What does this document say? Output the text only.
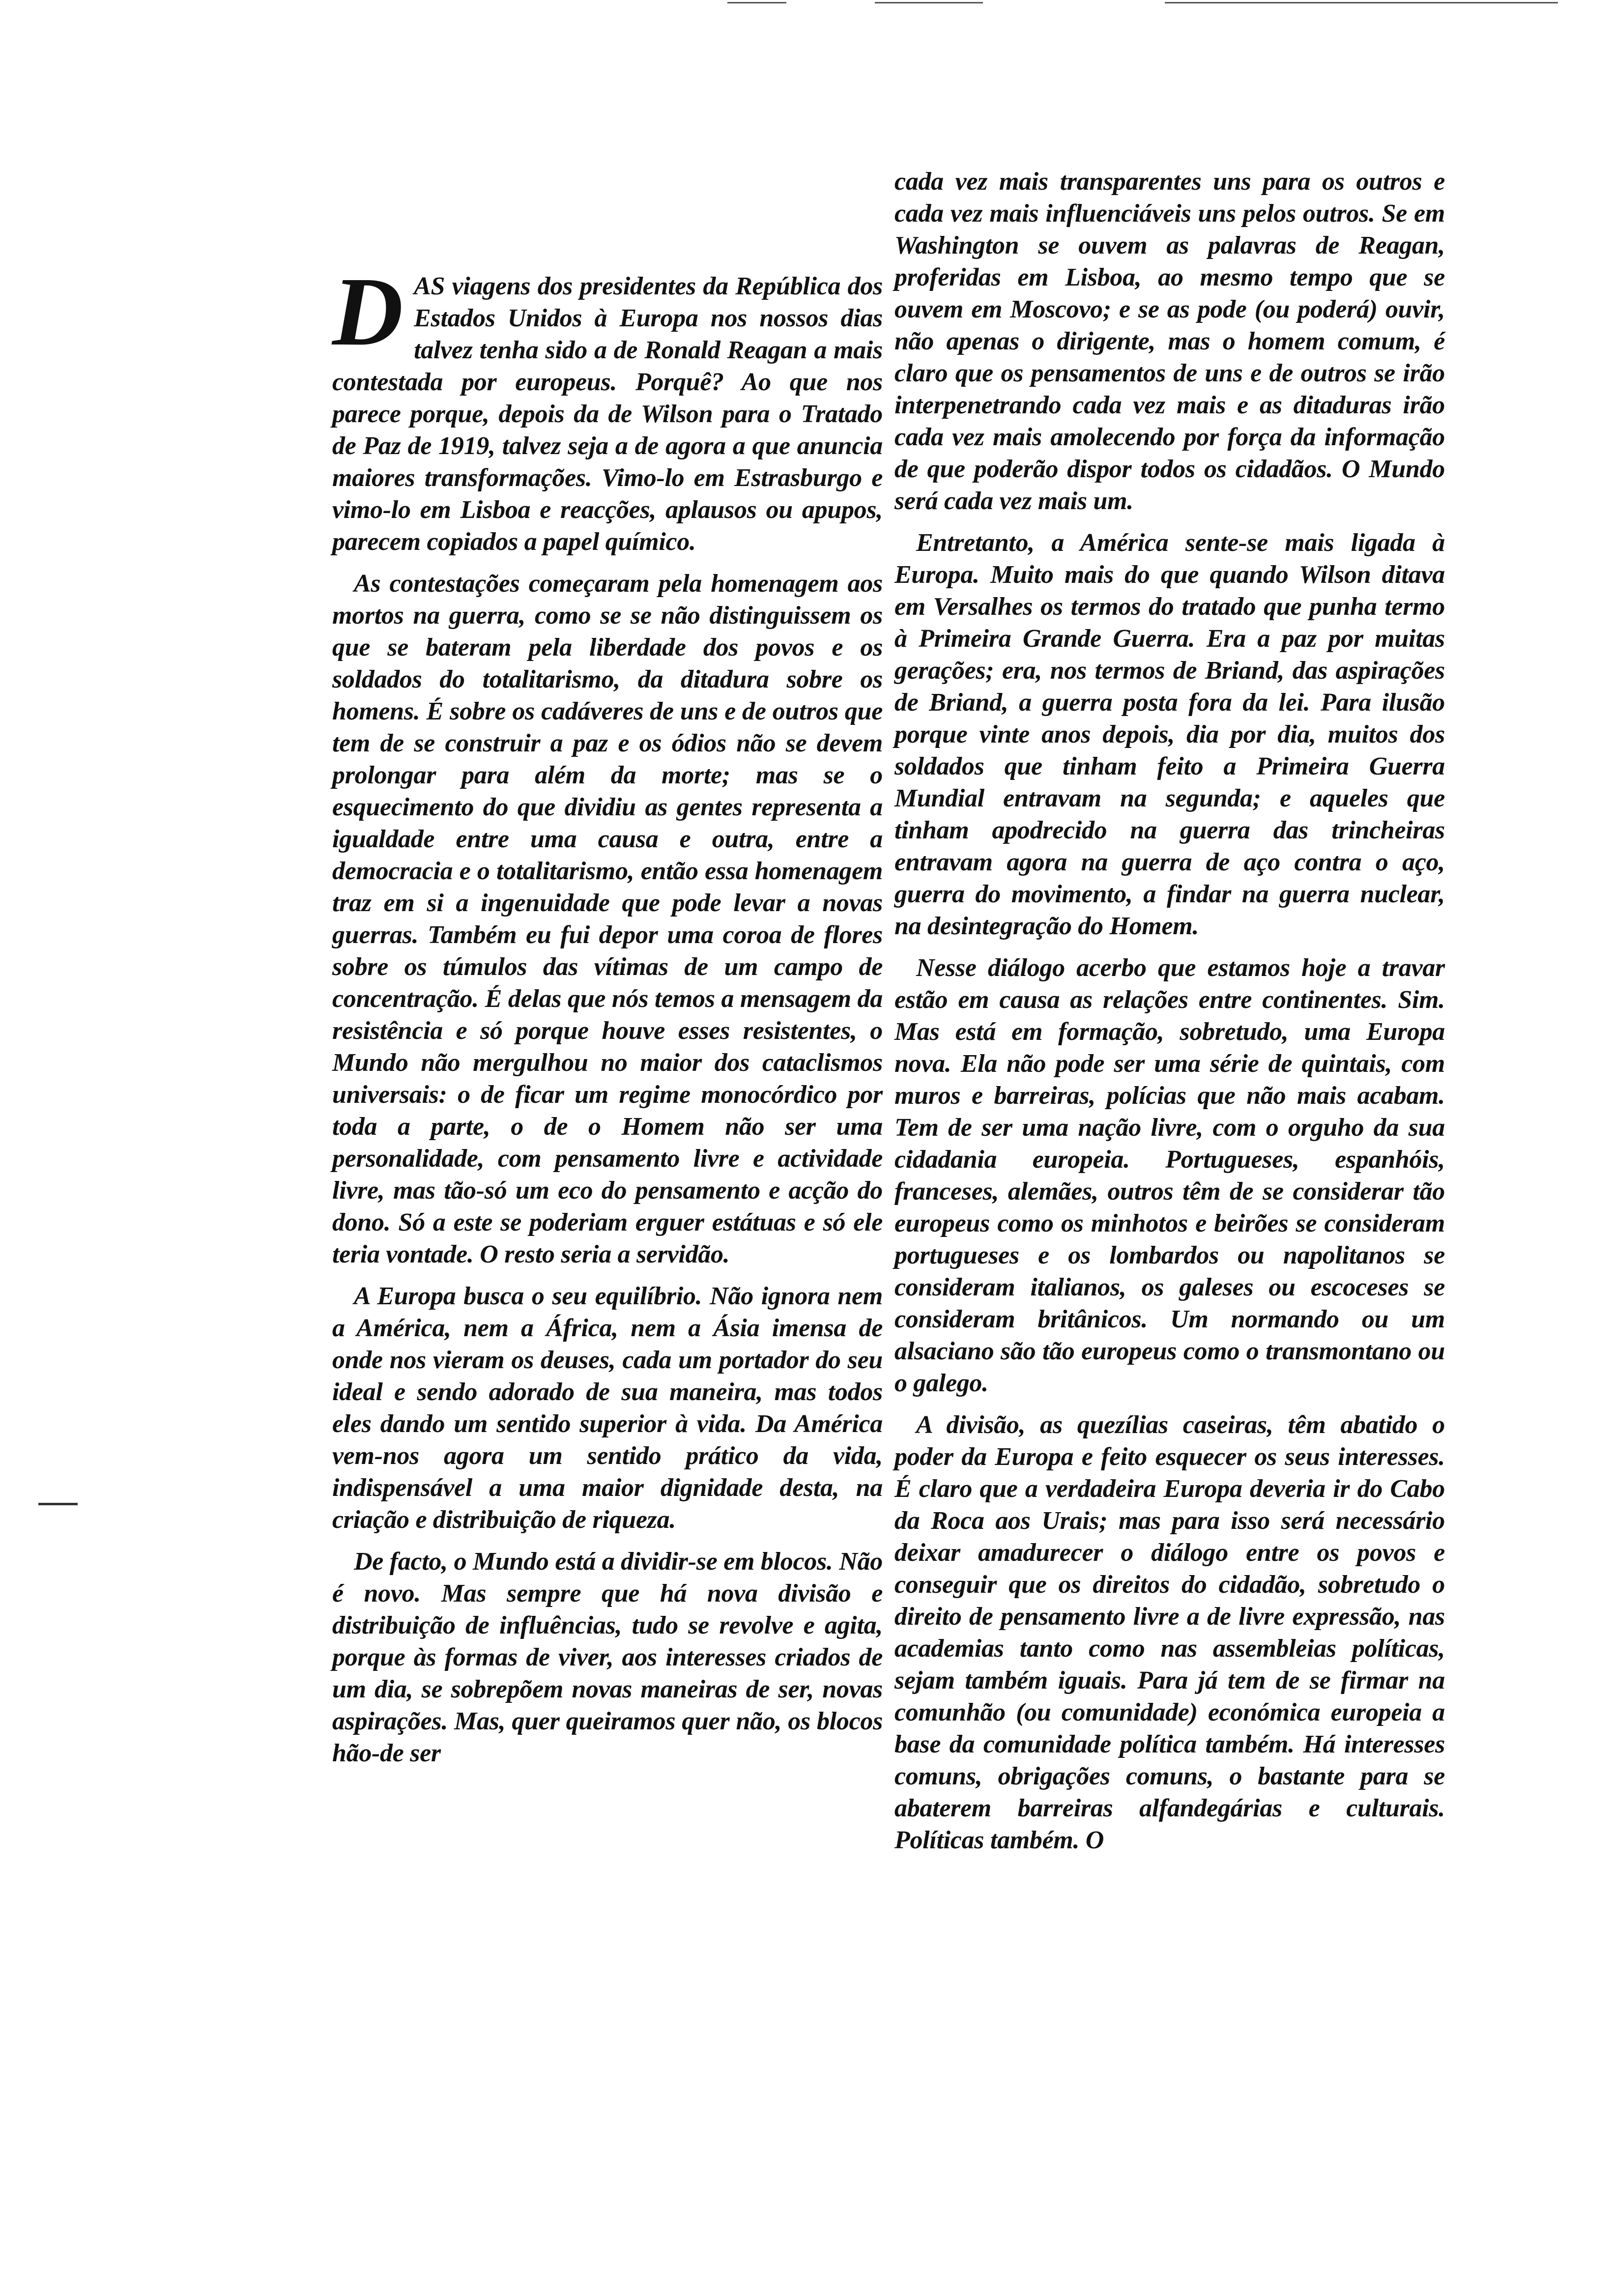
DAS viagens dos presidentes da República dos Estados Unidos à Europa nos nossos dias talvez tenha sido a de Ronald Reagan a mais contestada por europeus. Porquê? Ao que nos parece porque, depois da de Wilson para o Tratado de Paz de 1919, talvez seja a de agora a que anuncia maiores transformações. Vimo-lo em Estrasburgo e vimo-lo em Lisboa e reacções, aplausos ou apupos, parecem copiados a papel químico.

As contestações começaram pela homenagem aos mortos na guerra, como se se não distinguissem os que se bateram pela liberdade dos povos e os soldados do totalitarismo, da ditadura sobre os homens. É sobre os cadáveres de uns e de outros que tem de se construir a paz e os ódios não se devem prolongar para além da morte; mas se o esquecimento do que dividiu as gentes representa a igualdade entre uma causa e outra, entre a democracia e o totalitarismo, então essa homenagem traz em si a ingenuidade que pode levar a novas guerras. Também eu fui depor uma coroa de flores sobre os túmulos das vítimas de um campo de concentração. É delas que nós temos a mensagem da resistência e só porque houve esses resistentes, o Mundo não mergulhou no maior dos cataclismos universais: o de ficar um regime monocórdico por toda a parte, o de o Homem não ser uma personalidade, com pensamento livre e actividade livre, mas tão-só um eco do pensamento e acção do dono. Só a este se poderiam erguer estátuas e só ele teria vontade. O resto seria a servidão.

A Europa busca o seu equilíbrio. Não ignora nem a América, nem a África, nem a Ásia imensa de onde nos vieram os deuses, cada um portador do seu ideal e sendo adorado de sua maneira, mas todos eles dando um sentido superior à vida. Da América vem-nos agora um sentido prático da vida, indispensável a uma maior dignidade desta, na criação e distribuição de riqueza.

De facto, o Mundo está a dividir-se em blocos. Não é novo. Mas sempre que há nova divisão e distribuição de influências, tudo se revolve e agita, porque às formas de viver, aos interesses criados de um dia, se sobrepõem novas maneiras de ser, novas aspirações. Mas, quer queiramos quer não, os blocos hão-de ser

cada vez mais transparentes uns para os outros e cada vez mais influenciáveis uns pelos outros. Se em Washington se ouvem as palavras de Reagan, proferidas em Lisboa, ao mesmo tempo que se ouvem em Moscovo; e se as pode (ou poderá) ouvir, não apenas o dirigente, mas o homem comum, é claro que os pensamentos de uns e de outros se irão interpenetrando cada vez mais e as ditaduras irão cada vez mais amolecendo por força da informação de que poderão dispor todos os cidadãos. O Mundo será cada vez mais um.

Entretanto, a América sente-se mais ligada à Europa. Muito mais do que quando Wilson ditava em Versalhes os termos do tratado que punha termo à Primeira Grande Guerra. Era a paz por muitas gerações; era, nos termos de Briand, das aspirações de Briand, a guerra posta fora da lei. Para ilusão porque vinte anos depois, dia por dia, muitos dos soldados que tinham feito a Primeira Guerra Mundial entravam na segunda; e aqueles que tinham apodrecido na guerra das trincheiras entravam agora na guerra de aço contra o aço, guerra do movimento, a findar na guerra nuclear, na desintegração do Homem.

Nesse diálogo acerbo que estamos hoje a travar estão em causa as relações entre continentes. Sim. Mas está em formação, sobretudo, uma Europa nova. Ela não pode ser uma série de quintais, com muros e barreiras, polícias que não mais acabam. Tem de ser uma nação livre, com o orguho da sua cidadania europeia. Portugueses, espanhóis, franceses, alemães, outros têm de se considerar tão europeus como os minhotos e beirões se consideram portugueses e os lombardos ou napolitanos se consideram italianos, os galeses ou escoceses se consideram britânicos. Um normando ou um alsaciano são tão europeus como o transmontano ou o galego.

A divisão, as quezílias caseiras, têm abatido o poder da Europa e feito esquecer os seus interesses. É claro que a verdadeira Europa deveria ir do Cabo da Roca aos Urais; mas para isso será necessário deixar amadurecer o diálogo entre os povos e conseguir que os direitos do cidadão, sobretudo o direito de pensamento livre a de livre expressão, nas academias tanto como nas assembleias políticas, sejam também iguais. Para já tem de se firmar na comunhão (ou comunidade) económica europeia a base da comunidade política também. Há interesses comuns, obrigações comuns, o bastante para se abaterem barreiras alfandegárias e culturais. Políticas também. O
